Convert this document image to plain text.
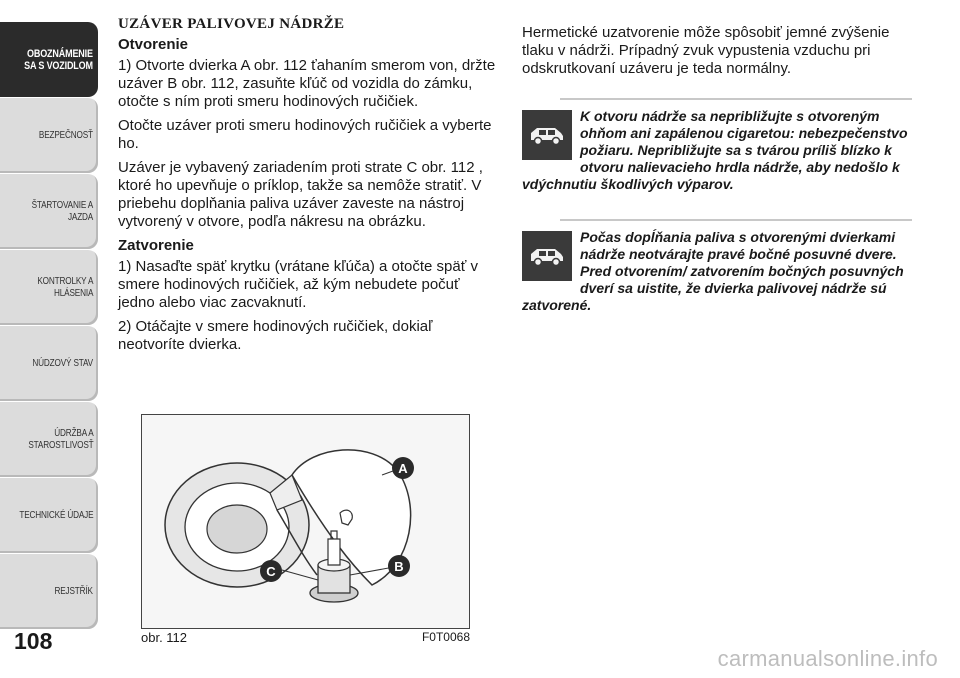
OBOZNÁMENIE
SA S VOZIDLOM
BEZPEČNOSŤ
ŠTARTOVANIE A
JAZDA
KONTROLKY A
HLÁSENIA
NÚDZOVÝ STAV
ÚDRŽBA A
STAROSTLIVOSŤ
TECHNICKÉ ÚDAJE
REJSTŘÍK
108
UZÁVER PALIVOVEJ NÁDRŽE
Otvorenie

1) Otvorte dvierka A obr. 112 ťahaním smerom von, držte uzáver B obr. 112, zasuňte kľúč od vozidla do zámku, otočte s ním proti smeru hodinových ručičiek.

Otočte uzáver proti smeru hodinových ručičiek a vyberte ho.

Uzáver je vybavený zariadením proti strate C obr. 112 , ktoré ho upevňuje o príklop, takže sa nemôže stratiť. V priebehu doplňania paliva uzáver zaveste na nástroj vytvorený v otvore, podľa nákresu na obrázku.

Zatvorenie

1) Nasaďte späť krytku (vrátane kľúča) a otočte späť v smere hodinových ručičiek, až kým nebudete počuť jedno alebo viac zacvaknutí.

2) Otáčajte v smere hodinových ručičiek, dokiaľ neotvoríte dvierka.

Hermetické uzatvorenie môže spôsobiť jemné zvýšenie tlaku v nádrži. Prípadný zvuk vypustenia vzduchu pri odskrutkovaní uzáveru je teda normálny.

K otvoru nádrže sa nepribližujte s otvoreným ohňom ani zapálenou cigaretou: nebezpečenstvo požiaru. Nepribližujte sa s tvárou príliš blízko k otvoru nalievacieho hrdla nádrže, aby nedošlo k vdýchnutiu škodlivých výparov.

Počas dopĺňania paliva s otvorenými dvierkami nádrže neotvárajte pravé bočné posuvné dvere. Pred otvorením/ zatvorením bočných posuvných dverí sa uistite, že dvierka palivovej nádrže sú zatvorené.

A
B
C
obr. 112	F0T0068
carmanualsonline.info
